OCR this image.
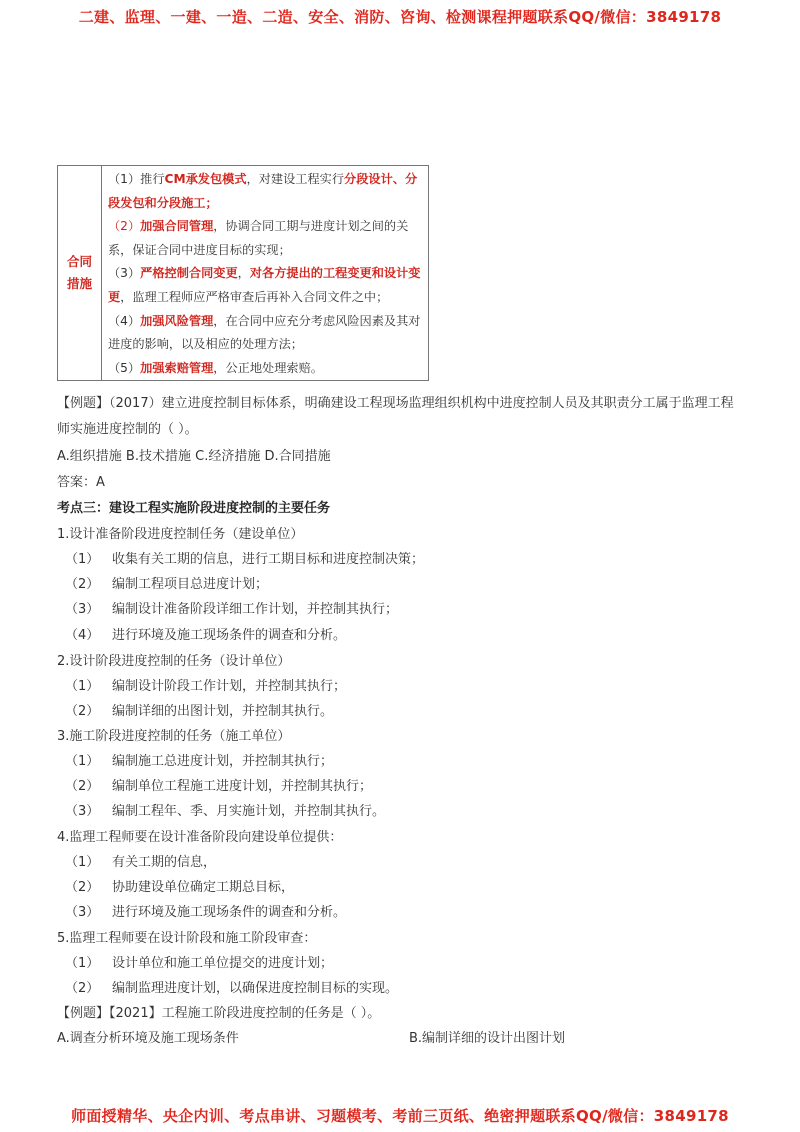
二建、监理、一建、一造、二造、安全、消防、咨询、检测课程押题联系QQ/微信：3849178
合同
措施

（1）推行CM承发包模式，对建设工程实行分段设计、分段发包和分段施工；
（2）加强合同管理，协调合同工期与进度计划之间的关系，保证合同中进度目标的实现；
（3）严格控制合同变更，对各方提出的工程变更和设计变更，监理工程师应严格审查后再补入合同文件之中；
（4）加强风险管理，在合同中应充分考虑风险因素及其对进度的影响，以及相应的处理方法；
（5）加强索赔管理，公正地处理索赔。
【例题】（2017）建立进度控制目标体系，明确建设工程现场监理组织机构中进度控制人员及其职责分工属于监理工程
师实施进度控制的（ ）。
A.组织措施 B.技术措施 C.经济措施 D.合同措施
答案：A
考点三：建设工程实施阶段进度控制的主要任务
1.设计准备阶段进度控制任务（建设单位）
（1） 收集有关工期的信息，进行工期目标和进度控制决策；
（2） 编制工程项目总进度计划；
（3） 编制设计准备阶段详细工作计划，并控制其执行；
（4） 进行环境及施工现场条件的调查和分析。
2.设计阶段进度控制的任务（设计单位）
（1） 编制设计阶段工作计划，并控制其执行；
（2） 编制详细的出图计划，并控制其执行。
3.施工阶段进度控制的任务（施工单位）
（1） 编制施工总进度计划，并控制其执行；
（2） 编制单位工程施工进度计划，并控制其执行；
（3） 编制工程年、季、月实施计划，并控制其执行。
4.监理工程师要在设计准备阶段向建设单位提供：
（1） 有关工期的信息，
（2） 协助建设单位确定工期总目标，
（3） 进行环境及施工现场条件的调查和分析。
5.监理工程师要在设计阶段和施工阶段审查：
（1） 设计单位和施工单位提交的进度计划；
（2） 编制监理进度计划，以确保进度控制目标的实现。
【例题】【2021】工程施工阶段进度控制的任务是（ ）。
A.调查分析环境及施工现场条件	B.编制详细的设计出图计划
师面授精华、央企内训、考点串讲、习题模考、考前三页纸、绝密押题联系QQ/微信：3849178
